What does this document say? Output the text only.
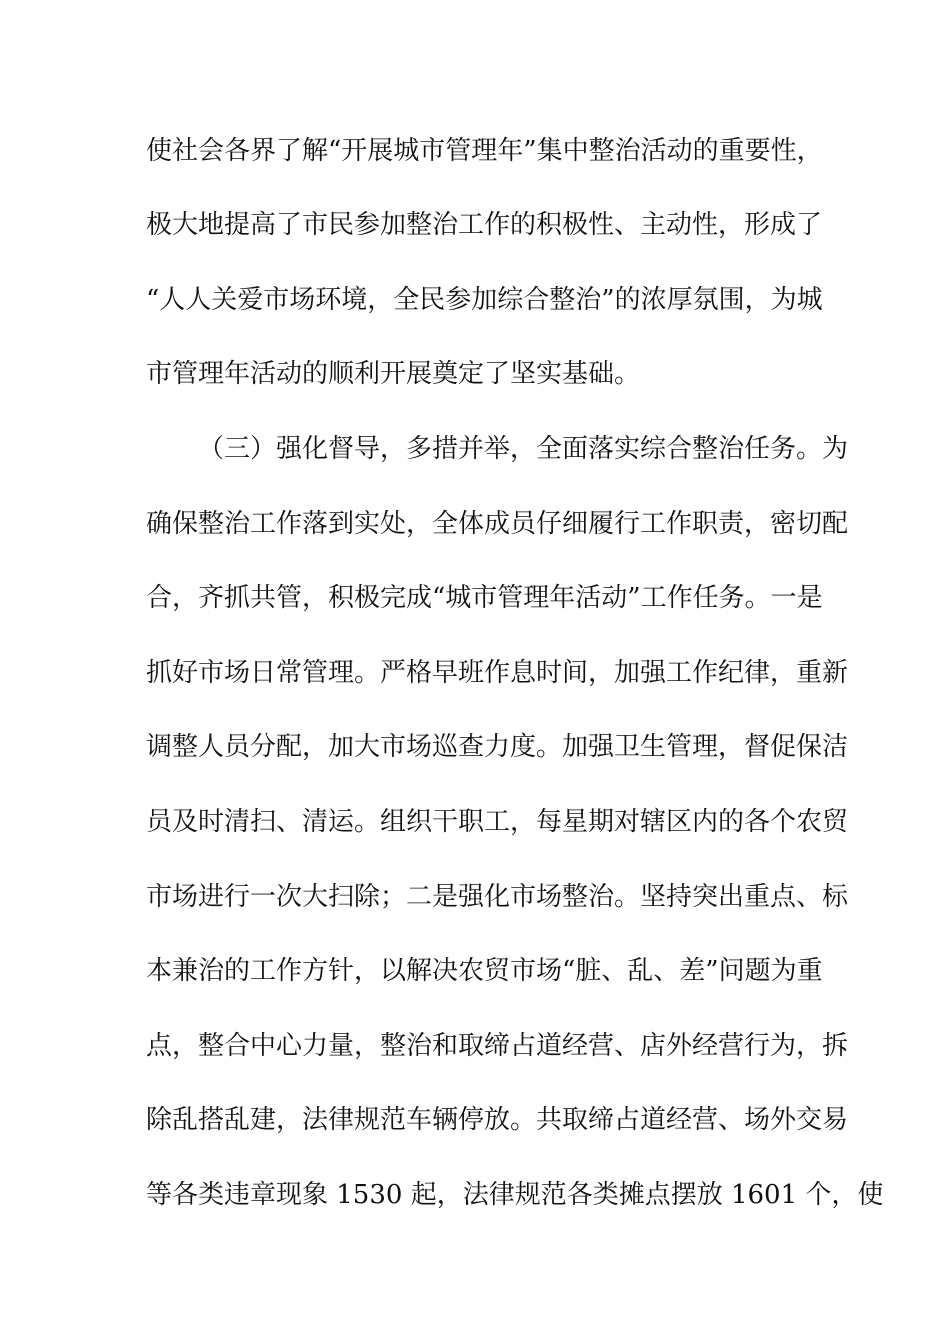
使社会各界了解“开展城市管理年”集中整治活动的重要性，
极大地提高了市民参加整治工作的积极性、主动性，形成了
“人人关爱市场环境，全民参加综合整治”的浓厚氛围，为城
市管理年活动的顺利开展奠定了坚实基础。
（三）强化督导，多措并举，全面落实综合整治任务。为
确保整治工作落到实处，全体成员仔细履行工作职责，密切配
合，齐抓共管，积极完成“城市管理年活动”工作任务。一是
抓好市场日常管理。严格早班作息时间，加强工作纪律，重新
调整人员分配，加大市场巡查力度。加强卫生管理，督促保洁
员及时清扫、清运。组织干职工，每星期对辖区内的各个农贸
市场进行一次大扫除；二是强化市场整治。坚持突出重点、标
本兼治的工作方针，以解决农贸市场“脏、乱、差”问题为重
点，整合中心力量，整治和取缔占道经营、店外经营行为，拆
除乱搭乱建，法律规范车辆停放。共取缔占道经营、场外交易
等各类违章现象 1530 起，法律规范各类摊点摆放 1601 个，使
